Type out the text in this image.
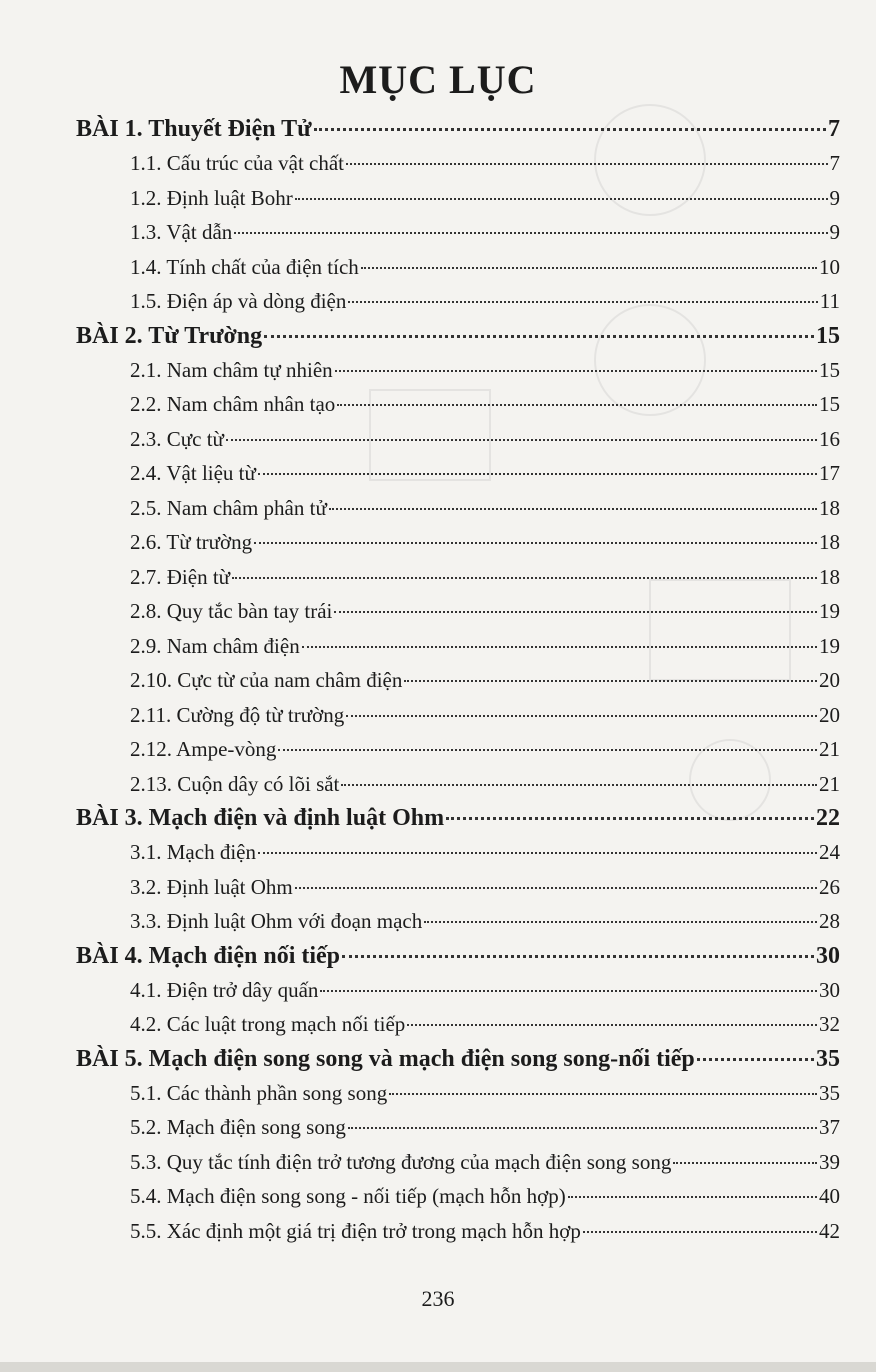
MỤC LỤC
BÀI 1. Thuyết Điện Tử	7
1.1. Cấu trúc của vật chất	7
1.2. Định luật Bohr	9
1.3. Vật dẫn	9
1.4. Tính chất của điện tích	10
1.5. Điện áp và dòng điện	11
BÀI 2. Từ Trường	15
2.1. Nam châm tự nhiên	15
2.2. Nam châm nhân tạo	15
2.3. Cực từ	16
2.4. Vật liệu từ	17
2.5. Nam châm phân tử	18
2.6. Từ trường	18
2.7. Điện từ	18
2.8. Quy tắc bàn tay trái	19
2.9. Nam châm điện	19
2.10. Cực từ của nam châm điện	20
2.11. Cường độ từ trường	20
2.12. Ampe-vòng	21
2.13. Cuộn dây có lõi sắt	21
BÀI 3. Mạch điện và định luật Ohm	22
3.1. Mạch điện	24
3.2. Định luật Ohm	26
3.3. Định luật Ohm với đoạn mạch	28
BÀI 4. Mạch điện nối tiếp	30
4.1. Điện trở dây quấn	30
4.2. Các luật trong mạch nối tiếp	32
BÀI 5. Mạch điện song song và mạch điện song song-nối tiếp	35
5.1. Các thành phần song song	35
5.2. Mạch điện song song	37
5.3. Quy tắc tính điện trở tương đương của mạch điện song song	39
5.4. Mạch điện song song - nối tiếp (mạch hỗn hợp)	40
5.5. Xác định một giá trị điện trở trong mạch hỗn hợp	42
236
